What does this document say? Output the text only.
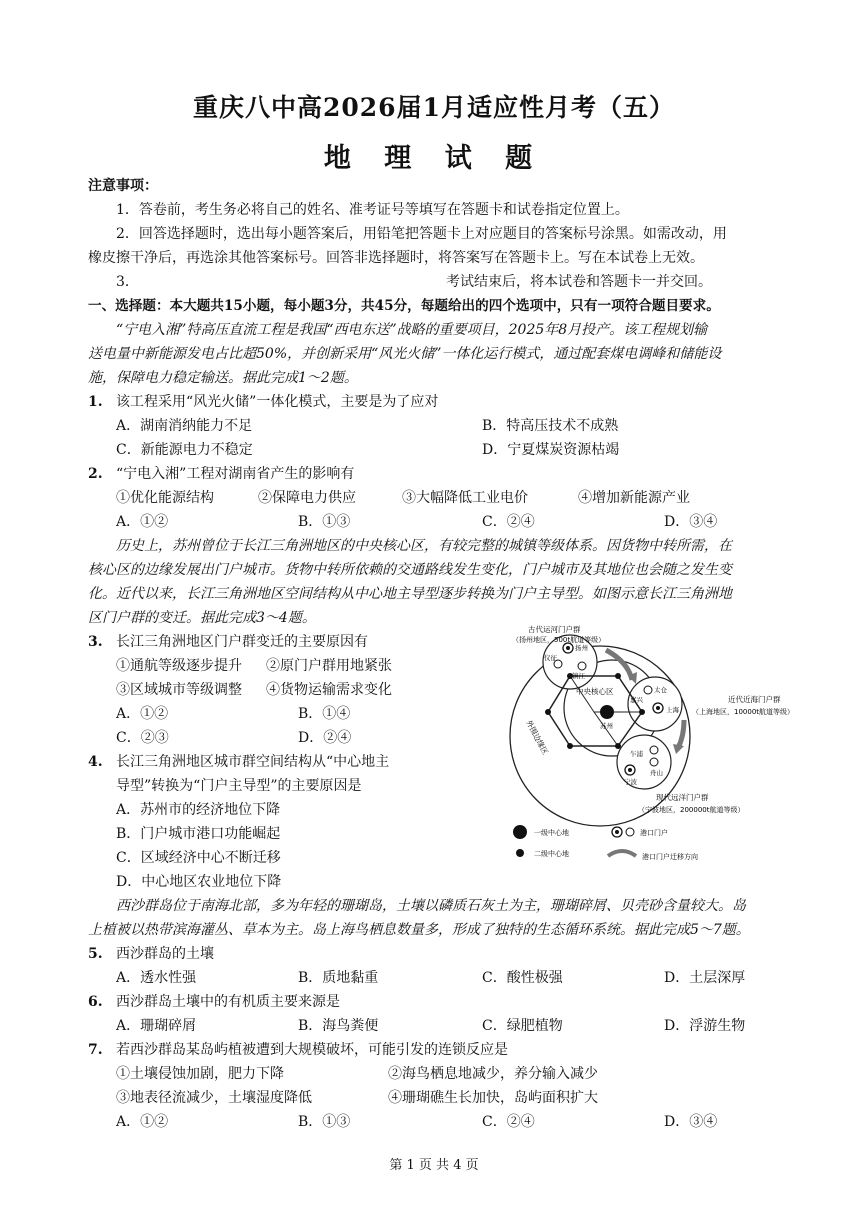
重庆八中高2026届1月适应性月考（五）
地 理 试 题
注意事项：
1．答卷前，考生务必将自己的姓名、准考证号等填写在答题卡和试卷指定位置上。
2．回答选择题时，选出每小题答案后，用铅笔把答题卡上对应题目的答案标号涂黑。如需改动，用
橡皮擦干净后，再选涂其他答案标号。回答非选择题时，将答案写在答题卡上。写在本试卷上无效。
3．	考试结束后，将本试卷和答题卡一并交回。
一、选择题：本大题共15小题，每小题3分，共45分，每题给出的四个选项中，只有一项符合题目要求。
“宁电入湘”特高压直流工程是我国“西电东送”战略的重要项目，2025年8月投产。该工程规划输
送电量中新能源发电占比超50%，并创新采用“风光火储”一体化运行模式，通过配套煤电调峰和储能设
施，保障电力稳定输送。据此完成1～2题。
1. 该工程采用“风光火储”一体化模式，主要是为了应对
A．湖南消纳能力不足	B．特高压技术不成熟
C．新能源电力不稳定	D．宁夏煤炭资源枯竭
2. “宁电入湘”工程对湖南省产生的影响有
①优化能源结构	②保障电力供应	③大幅降低工业电价	④增加新能源产业
A．①②	B．①③	C．②④	D．③④
历史上，苏州曾位于长江三角洲地区的中央核心区，有较完整的城镇等级体系。因货物中转所需，在
核心区的边缘发展出门户城市。货物中转所依赖的交通路线发生变化，门户城市及其地位也会随之发生变
化。近代以来，长江三角洲地区空间结构从中心地主导型逐步转换为门户主导型。如图示意长江三角洲地
区门户群的变迁。据此完成3～4题。
3. 长江三角洲地区门户群变迁的主要原因有
①通航等级逐步提升 ②原门户群用地紧张
③区域城市等级调整 ④货物运输需求变化
A．①②	B．①④
C．②③	D．②④
4. 长江三角洲地区城市群空间结构从“中心地主
导型”转换为“门户主导型”的主要原因是
A．苏州市的经济地位下降
B．门户城市港口功能崛起
C．区域经济中心不断迁移
D．中心地区农业地位下降
古代运河门户群
（扬州地区，500t航道等级）
近代近海门户群
（上海地区，10000t航道等级）
现代远洋门户群
（宁波地区，200000t航道等级）
中央核心区
外围边缘区
扬州
仪征
镇江
太仓
上海
嘉兴
苏州
乍浦
舟山
宁波
一级中心地
二级中心地
港口门户
港口门户迁移方向
西沙群岛位于南海北部，多为年轻的珊瑚岛，土壤以磷质石灰土为主，珊瑚碎屑、贝壳砂含量较大。岛
上植被以热带滨海灌丛、草本为主。岛上海鸟栖息数量多，形成了独特的生态循环系统。据此完成5～7题。
5. 西沙群岛的土壤
A．透水性强	B．质地黏重	C．酸性极强	D．土层深厚
6. 西沙群岛土壤中的有机质主要来源是
A．珊瑚碎屑	B．海鸟粪便	C．绿肥植物	D．浮游生物
7. 若西沙群岛某岛屿植被遭到大规模破坏，可能引发的连锁反应是
①土壤侵蚀加剧，肥力下降	②海鸟栖息地减少，养分输入减少
③地表径流减少，土壤湿度降低	④珊瑚礁生长加快，岛屿面积扩大
A．①②	B．①③	C．②④	D．③④
第 1 页 共 4 页
